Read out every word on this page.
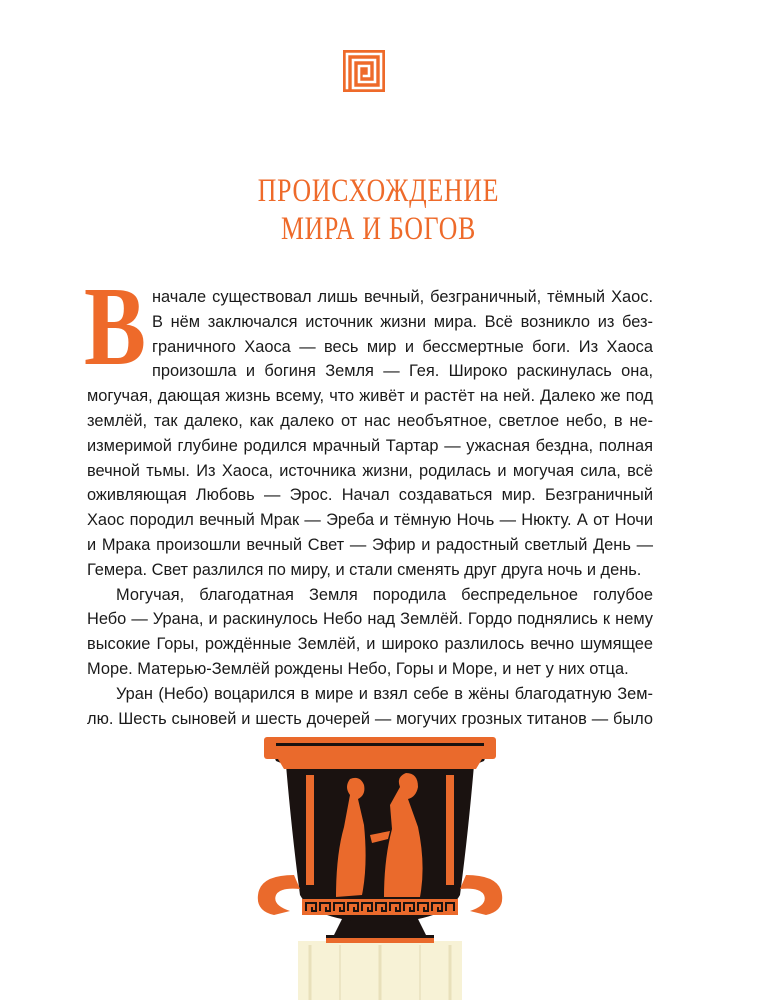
ПРОИСХОЖДЕНИЕ
МИРА И БОГОВ
В начале существовал лишь вечный, безграничный, тёмный Хаос.
В нём заключался источник жизни мира. Всё возникло из без-
граничного Хаоса — весь мир и бессмертные боги. Из Хаоса
произошла и богиня Земля — Гея. Широко раскинулась она,
могучая, дающая жизнь всему, что живёт и растёт на ней. Далеко же под
землёй, так далеко, как далеко от нас необъятное, светлое небо, в не-
измеримой глубине родился мрачный Тартар — ужасная бездна, полная
вечной тьмы. Из Хаоса, источника жизни, родилась и могучая сила, всё
оживляющая Любовь — Эрос. Начал создаваться мир. Безграничный
Хаос породил вечный Мрак — Эреба и тёмную Ночь — Нюкту. А от Ночи
и Мрака произошли вечный Свет — Эфир и радостный светлый День —
Гемера. Свет разлился по миру, и стали сменять друг друга ночь и день.
Могучая, благодатная Земля породила беспредельное голубое
Небо — Урана, и раскинулось Небо над Землёй. Гордо поднялись к нему
высокие Горы, рождённые Землёй, и широко разлилось вечно шумящее
Море. Матерью-Землёй рождены Небо, Горы и Море, и нет у них отца.
Уран (Небо) воцарился в мире и взял себе в жёны благодатную Зем-
лю. Шесть сыновей и шесть дочерей — могучих грозных титанов — было
